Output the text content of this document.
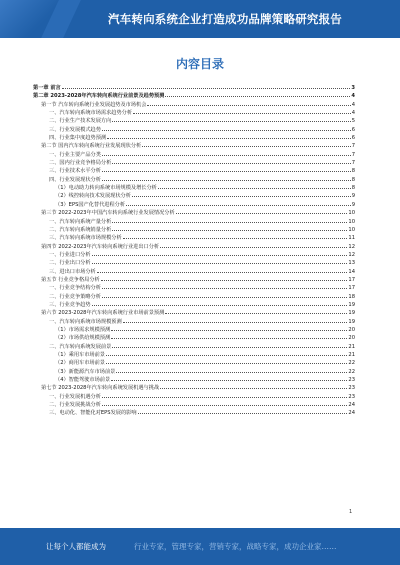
汽车转向系统企业打造成功品牌策略研究报告
内容目录
第一章 前言	3
第二章 2023-2028年汽车转向系统行业前景及趋势预测	4
第一节 汽车转向系统行业发展趋势及市场机会	4
一、汽车转向系统市场需求趋势分析	4
二、行业生产技术发展方向	5
三、行业发展模式趋势	6
四、行业集中度趋势预测	6
第二节 国内汽车转向系统行业发展现状分析	7
一、行业主要产品分类	7
二、国内行业竞争格局分析	7
三、行业技术水平分析	8
四、行业发展现状分析	8
（1）电动助力转向系统市场规模及增长分析	8
（2）线控转向技术发展现状分析	9
（3）EPS国产化替代进程分析	9
第三节 2022-2023年中国汽车转向系统行业发展情况分析	10
一、汽车转向系统产量分析	10
二、汽车转向系统销量分析	10
三、汽车转向系统市场规模分析	11
第四节 2022-2023年汽车转向系统行业进出口分析	12
一、行业进口分析	12
二、行业出口分析	13
三、进出口市场分析	14
第五节 行业竞争格局分析	17
一、行业竞争结构分析	17
二、行业竞争策略分析	18
三、行业竞争趋势	19
第六节 2023-2028年汽车转向系统行业市场前景预测	19
一、汽车转向系统市场规模预测	19
（1）市场需求规模预测	20
（2）市场供给规模预测	20
二、汽车转向系统发展前景	21
（1）乘用车市场前景	21
（2）商用车市场前景	22
（3）新能源汽车市场前景	22
（4）智能驾驶市场前景	23
第七节 2023-2028年汽车转向系统发展机遇与挑战	23
一、行业发展机遇分析	23
二、行业发展挑战分析	24
三、电动化、智能化对EPS发展的影响	24
1
让每个人都能成为	行业专家，管理专家，营销专家，战略专家，成功企业家……
